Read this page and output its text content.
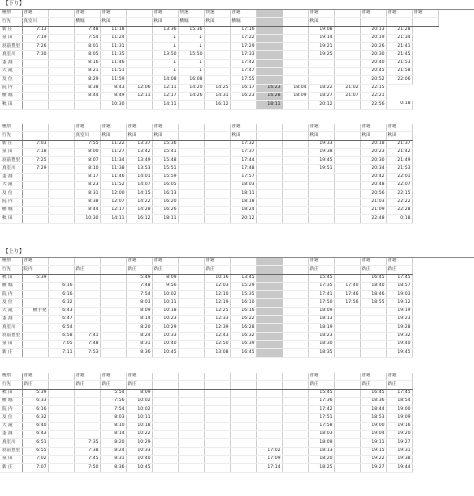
【下り】
種別	普通		普通	普通		普通	快速	快速	普通			普通		普通	普通	普通
行先	真室川		横堀	秋田		秋田	横堀	秋田	横堀			秋田				
新 庄	7:13		7:48	11:18		13:36	15:36		17:16			19:08		20:13	21:28	
泉 田	7:19		7:54	11:24		↓	↓		17:22			19:14		20:19	21:34	
羽前豊里	7:26		8:01	11:31		↓	↓		17:29			19:21		20:26	21:41	
真室川	7:30		8:05	11:35		13:50	15:50		17:33			19:25		20:30	21:45	
釜 淵			8:16	11:46		↓	↓		17:42					20:40	21:53	
大 滝			8:21	11:51		↓	↓		17:47					20:45	21:58	
及 位			8:29	11:59		14:08	16:08		17:55					20:52	22:06	
院 内			8:38	8:43	12:06	12:11	14:20	14:25	16:17	16:23	18:04	18:22	21:02	22:15		
横 堀			8:44	8:49	12:11	12:17	14:26	14:31	16:23	16:28	18:09	18:27	21:07	22:21		
秋 田				10:30		14:11		16:12		18:11		20:12		22:56	0:18	
種別			普通	普通	普通	普通			普通			普通		普通	普通
行先			真室川	秋田	秋田	秋田			秋田			秋田		秋田	秋田
新 庄	7:03		7:55	11:22	13:37	15:36			17:32			19:33		20:18	21:37
泉 田	7:18		8:00	11:27	13:42	15:41			17:37			19:38		20:23	21:42
羽前豊里	7:25		8:07	11:34	13:49	15:48			17:44			19:45		20:30	21:49
真室川	7:29		8:10	11:38	13:53	15:51			17:48			19:51		20:34	21:53
釜 淵			8:17	11:46	14:01	15:59			17:57					20:42	22:01
大 滝			8:23	11:52	14:07	16:05			18:03					20:48	22:07
及 位			8:31	12:00	14:15	16:13			18:11					20:56	22:15
院 内			8:38	12:07	14:22	16:20			18:18					21:03	22:22
横 堀			8:44	12:17	14:28	16:26			18:24					21:09	22:28
秋 田			10:30	14:11	16:12	18:11			20:12					22:48	0:18
【上り】
種別	普通				普通	普通		普通				普通		普通	普通
行先	院内		新庄		新庄	新庄		新庄				新庄		新庄	新庄
秋 田	5:39				5:49	8:09		10:16	13:45			15:45		16:45	17:45
横 堀		6:16			7:48	9:56		12:03	15:29			17:35	17:40	18:40	18:57
院 内		6:16			7:54	10:02		12:10	15:35			17:41	17:46	18:46	19:03
及 位		6:32			8:03	10:11		12:19	16:10			17:50	17:56	18:55	19:12
大 滝	横手発	6:43			8:09	10:18		12:25	16:16			18:09			19:19
釜 淵		6:47			8:14	10:23		12:33	16:22			18:13			19:23
真室川		6:54			8:20	10:29		12:39	16:28			18:19			19:28
羽前豊里		6:58	7:41		8:24	10:33		12:43	16:32			18:23			19:32
泉 田		7:05	7:48		8:31	10:40		12:50	16:39			18:30			19:40
新 庄		7:11	7:53		8:36	10:45		13:08	16:45			18:35			19:45
種別	普通		普通	普通	普通							普通		普通	普通
行先	新庄		新庄	新庄	新庄							新庄		新庄	新庄
秋 田	5:39			5:54	8:09							15:45		16:45	17:45
横 堀	6:33			7:56	10:02							17:36		18:36	18:54
院 内	6:16			7:54	10:02							17:42		18:44	19:00
及 位	6:32			8:03	10:11							17:51		18:53	19:09
大 滝	6:40			8:10	10:18							17:58		19:00	19:16
釜 淵	6:43			8:14	10:22							18:03		19:04	19:20
真室川	6:51		7:35	8:20	10:29							18:09		19:11	19:27
羽前豊里	6:55		7:38	8:24	10:33					17:02		18:13		19:15	19:31
泉 田	7:02		7:45	8:31	10:40					17:09		18:20		19:22	19:38
新 庄	7:07		7:50	8:36	10:45					17:14		18:25		19:27	19:44
